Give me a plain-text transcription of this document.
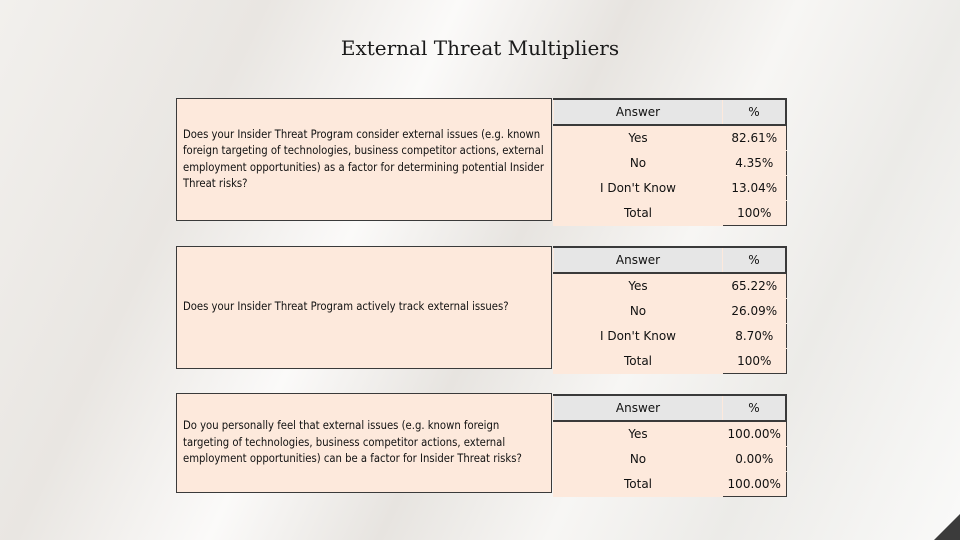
External Threat Multipliers
Does your Insider Threat Program consider external issues (e.g. known foreign targeting of technologies, business competitor actions, external employment opportunities) as a factor for determining potential Insider Threat risks?
Answer	%
Yes	82.61%
No	4.35%
I Don't Know	13.04%
Total	100%
Does your Insider Threat Program actively track external issues?
Answer	%
Yes	65.22%
No	26.09%
I Don't Know	8.70%
Total	100%
Do you personally feel that external issues (e.g. known foreign targeting of technologies, business competitor actions, external employment opportunities) can be a factor for Insider Threat risks?
Answer	%
Yes	100.00%
No	0.00%
Total	100.00%
